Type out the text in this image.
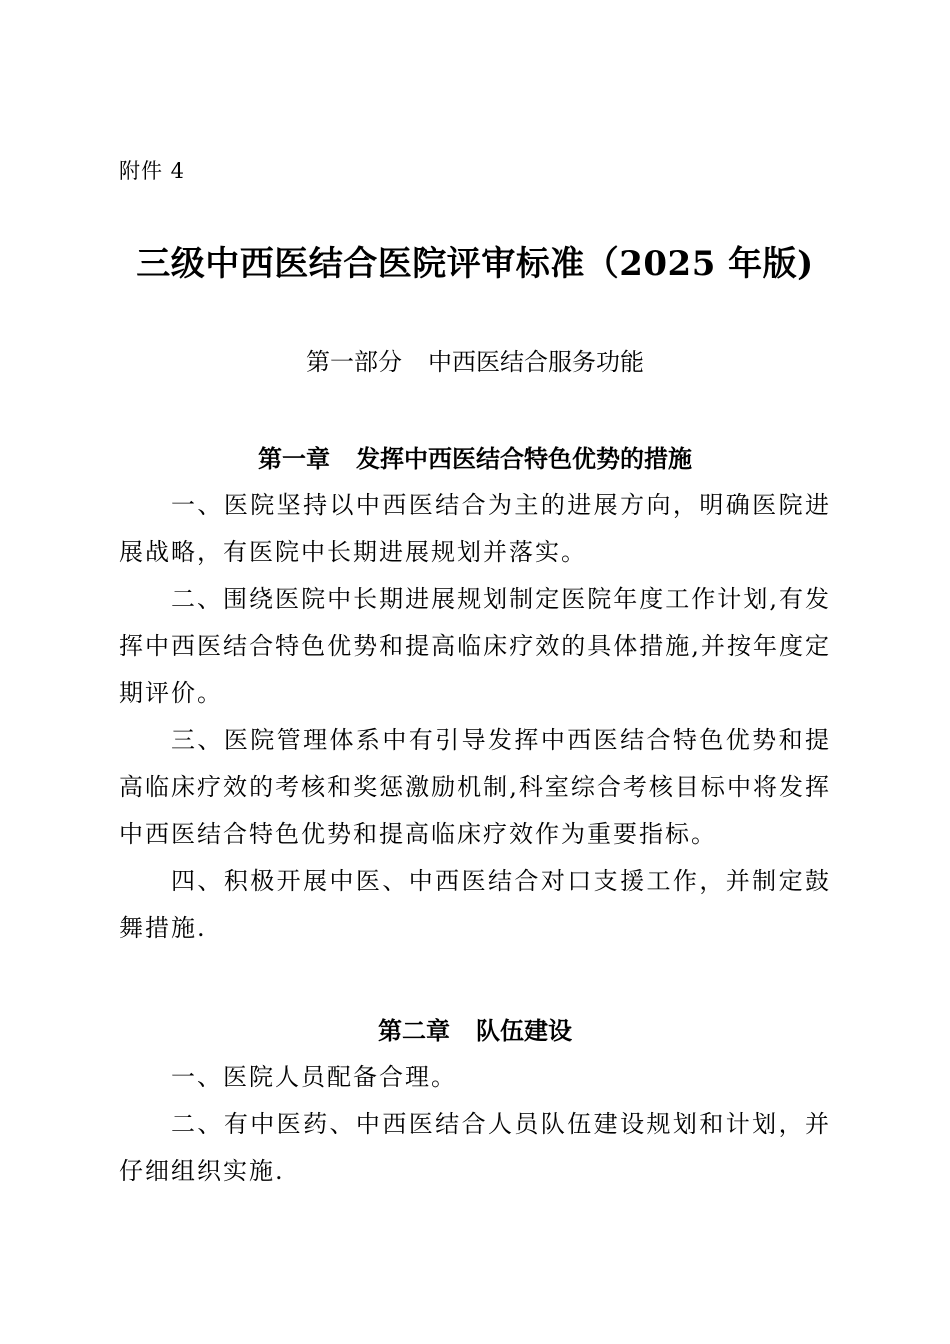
附件 4
三级中西医结合医院评审标准（2025 年版)
第一部分 中西医结合服务功能
第一章 发挥中西医结合特色优势的措施

一、医院坚持以中西医结合为主的进展方向，明确医院进展战略，有医院中长期进展规划并落实。

二、围绕医院中长期进展规划制定医院年度工作计划,有发挥中西医结合特色优势和提高临床疗效的具体措施,并按年度定期评价。

三、医院管理体系中有引导发挥中西医结合特色优势和提高临床疗效的考核和奖惩激励机制,科室综合考核目标中将发挥中西医结合特色优势和提高临床疗效作为重要指标。

四、积极开展中医、中西医结合对口支援工作，并制定鼓舞措施.

第二章 队伍建设

一、医院人员配备合理。

二、有中医药、中西医结合人员队伍建设规划和计划，并仔细组织实施.
